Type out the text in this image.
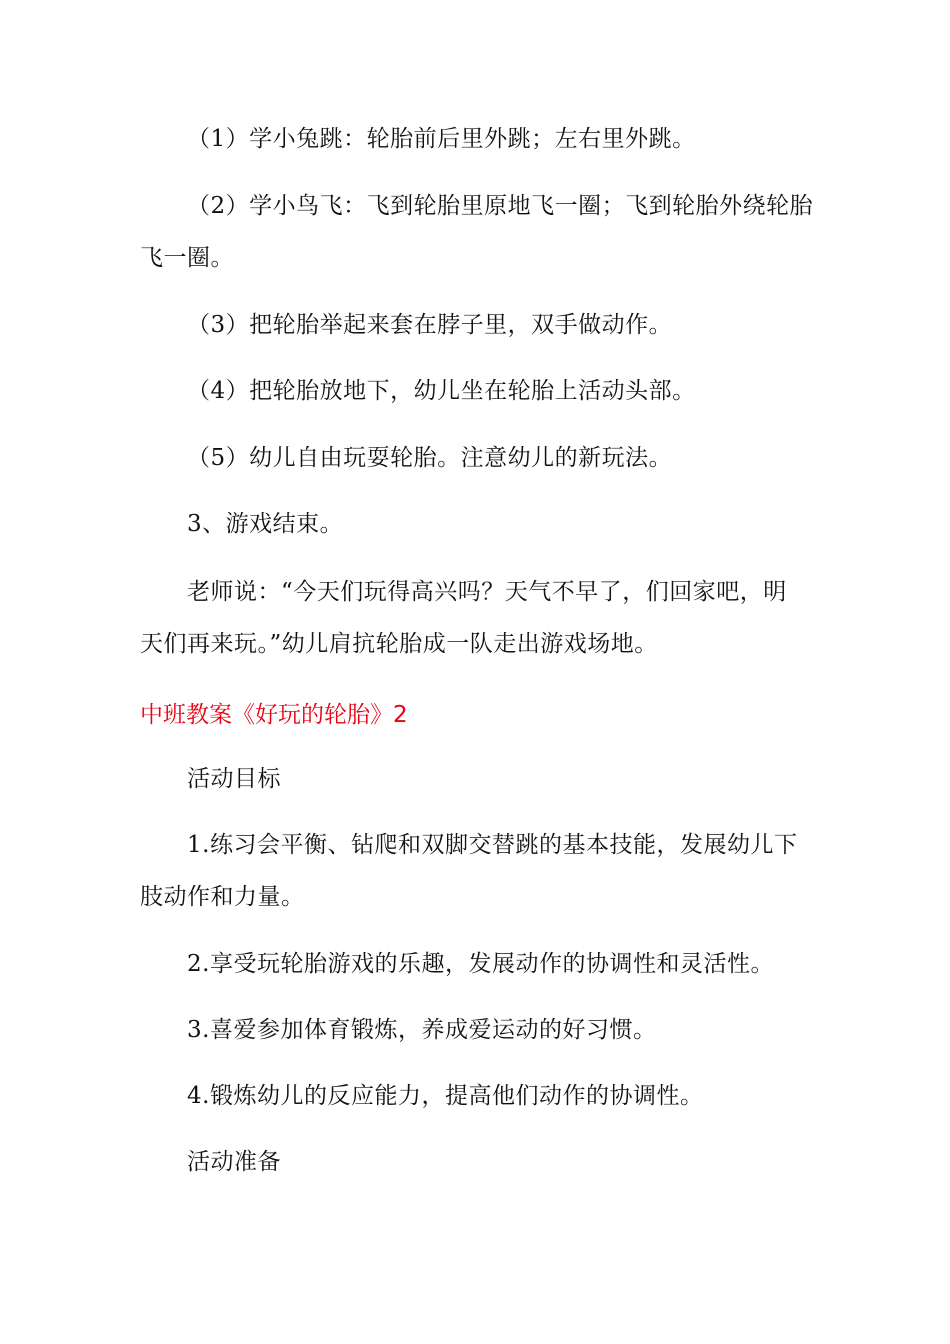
（1）学小兔跳：轮胎前后里外跳；左右里外跳。
（2）学小鸟飞：飞到轮胎里原地飞一圈；飞到轮胎外绕轮胎
飞一圈。
（3）把轮胎举起来套在脖子里，双手做动作。
（4）把轮胎放地下，幼儿坐在轮胎上活动头部。
（5）幼儿自由玩耍轮胎。注意幼儿的新玩法。
3、游戏结束。
老师说：“今天们玩得高兴吗？天气不早了，们回家吧，明
天们再来玩。”幼儿肩抗轮胎成一队走出游戏场地。
中班教案《好玩的轮胎》2
活动目标
1.练习会平衡、钻爬和双脚交替跳的基本技能，发展幼儿下
肢动作和力量。
2.享受玩轮胎游戏的乐趣，发展动作的协调性和灵活性。
3.喜爱参加体育锻炼，养成爱运动的好习惯。
4.锻炼幼儿的反应能力，提高他们动作的协调性。
活动准备
